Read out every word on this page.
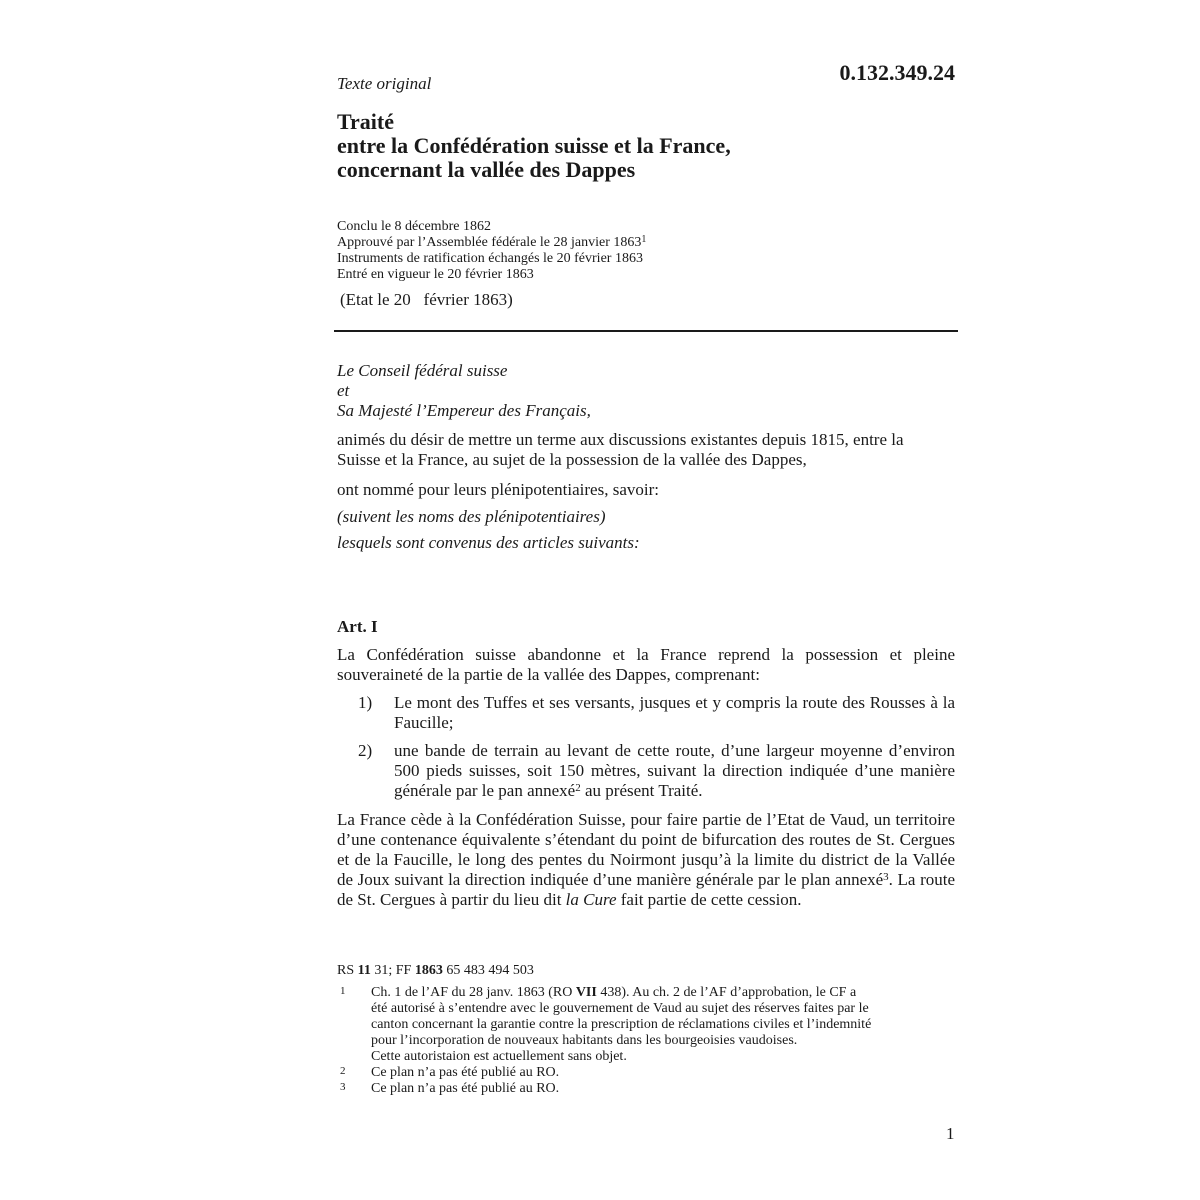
Texte original	0.132.349.24
Traité
entre la Confédération suisse et la France,
concernant la vallée des Dappes
Conclu le 8 décembre 1862
Approuvé par l’Assemblée fédérale le 28 janvier 1863$^1$
Instruments de ratification échangés le 20 février 1863
Entré en vigueur le 20 février 1863
(Etat le 20   février 1863)
Le Conseil fédéral suisse
et
Sa Majesté l’Empereur des Français,
animés du désir de mettre un terme aux discussions existantes depuis 1815, entre la
Suisse et la France, au sujet de la possession de la vallée des Dappes,
ont nommé pour leurs plénipotentiaires, savoir:
(suivent les noms des plénipotentiaires)
lesquels sont convenus des articles suivants:
Art. I
La Confédération suisse abandonne et la France reprend la possession et pleine souveraineté de la partie de la vallée des Dappes, comprenant:
1) Le mont des Tuffes et ses versants, jusques et y compris la route des Rousses à la Faucille;
2) une bande de terrain au levant de cette route, d’une largeur moyenne d’environ 500 pieds suisses, soit 150 mètres, suivant la direction indiquée d’une manière générale par le pan annexé$^2$ au présent Traité.
La France cède à la Confédération Suisse, pour faire partie de l’Etat de Vaud, un territoire d’une contenance équivalente s’étendant du point de bifurcation des routes de St. Cergues et de la Faucille, le long des pentes du Noirmont jusqu’à la limite du district de la Vallée de Joux suivant la direction indiquée d’une manière générale par le plan annexé$^3$. La route de St. Cergues à partir du lieu dit la Cure fait partie de cette cession.
RS 11 31; FF 1863 65 483 494 503
1 Ch. 1 de l’AF du 28 janv. 1863 (RO VII 438). Au ch. 2 de l’AF d’approbation, le CF a
été autorisé à s’entendre avec le gouvernement de Vaud au sujet des réserves faites par le
canton concernant la garantie contre la prescription de réclamations civiles et l’indemnité
pour l’incorporation de nouveaux habitants dans les bourgeoisies vaudoises.
Cette autoristaion est actuellement sans objet.
2 Ce plan n’a pas été publié au RO.
3 Ce plan n’a pas été publié au RO.
1
